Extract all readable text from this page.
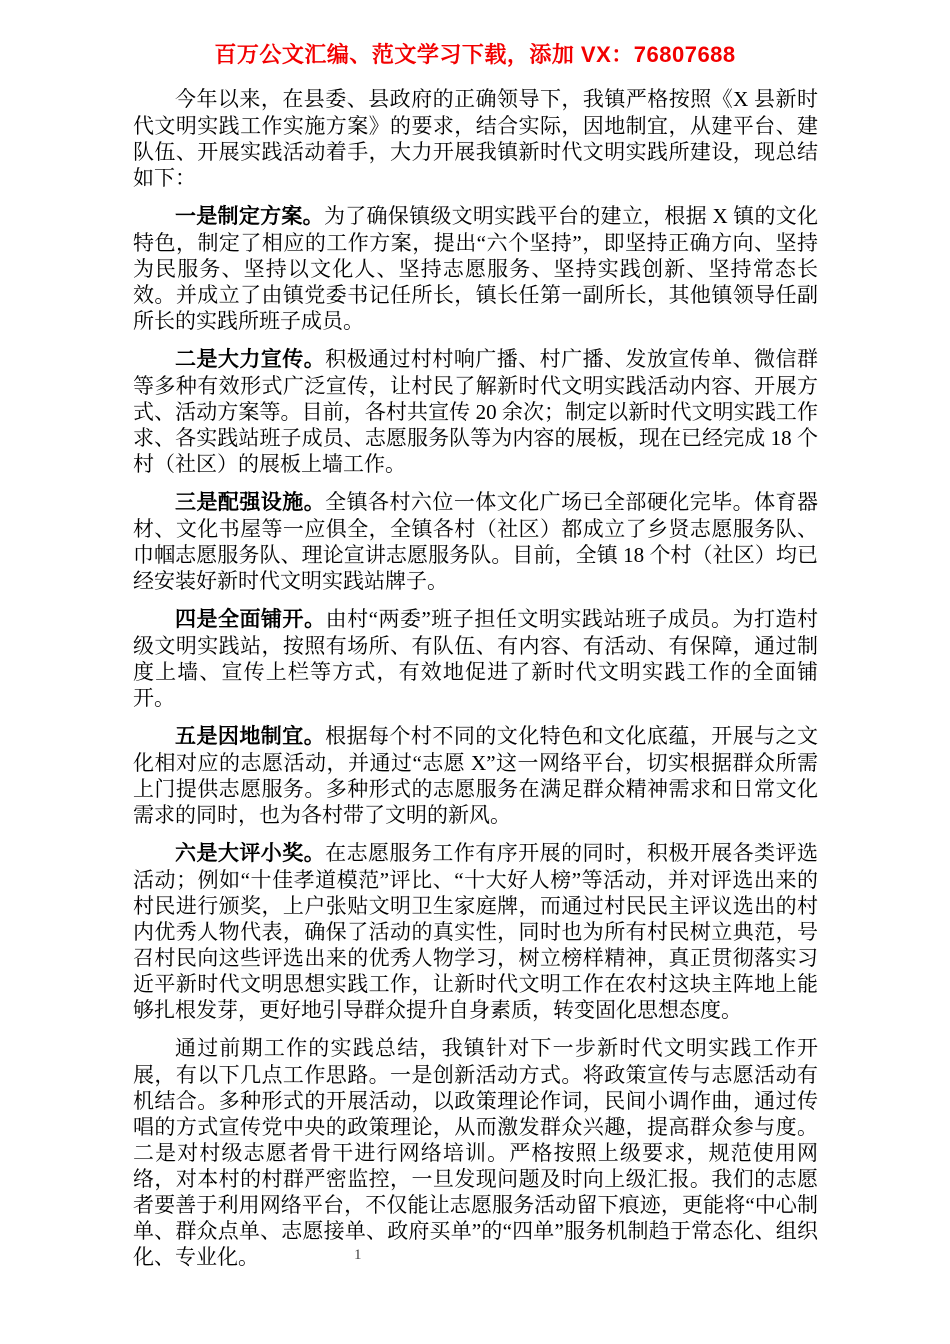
百万公文汇编、范文学习下载，添加 VX：76807688

今年以来，在县委、县政府的正确领导下，我镇严格按照《X 县新时代文明实践工作实施方案》的要求，结合实际，因地制宜，从建平台、建队伍、开展实践活动着手，大力开展我镇新时代文明实践所建设，现总结如下：

一是制定方案。为了确保镇级文明实践平台的建立，根据 X 镇的文化特色，制定了相应的工作方案，提出“六个坚持”，即坚持正确方向、坚持为民服务、坚持以文化人、坚持志愿服务、坚持实践创新、坚持常态长效。并成立了由镇党委书记任所长，镇长任第一副所长，其他镇领导任副所长的实践所班子成员。

二是大力宣传。积极通过村村响广播、村广播、发放宣传单、微信群等多种有效形式广泛宣传，让村民了解新时代文明实践活动内容、开展方式、活动方案等。目前，各村共宣传 20 余次；制定以新时代文明实践工作求、各实践站班子成员、志愿服务队等为内容的展板，现在已经完成 18 个村（社区）的展板上墙工作。

三是配强设施。全镇各村六位一体文化广场已全部硬化完毕。体育器材、文化书屋等一应俱全，全镇各村（社区）都成立了乡贤志愿服务队、巾帼志愿服务队、理论宣讲志愿服务队。目前，全镇 18 个村（社区）均已经安装好新时代文明实践站牌子。

四是全面铺开。由村“两委”班子担任文明实践站班子成员。为打造村级文明实践站，按照有场所、有队伍、有内容、有活动、有保障，通过制度上墙、宣传上栏等方式，有效地促进了新时代文明实践工作的全面铺开。

五是因地制宜。根据每个村不同的文化特色和文化底蕴，开展与之文化相对应的志愿活动，并通过“志愿 X”这一网络平台，切实根据群众所需上门提供志愿服务。多种形式的志愿服务在满足群众精神需求和日常文化需求的同时，也为各村带了文明的新风。

六是大评小奖。在志愿服务工作有序开展的同时，积极开展各类评选活动；例如“十佳孝道模范”评比、“十大好人榜”等活动，并对评选出来的村民进行颁奖，上户张贴文明卫生家庭牌，而通过村民民主评议选出的村内优秀人物代表，确保了活动的真实性，同时也为所有村民树立典范，号召村民向这些评选出来的优秀人物学习，树立榜样精神，真正贯彻落实习近平新时代文明思想实践工作，让新时代文明工作在农村这块主阵地上能够扎根发芽，更好地引导群众提升自身素质，转变固化思想态度。

通过前期工作的实践总结，我镇针对下一步新时代文明实践工作开展，有以下几点工作思路。一是创新活动方式。将政策宣传与志愿活动有机结合。多种形式的开展活动，以政策理论作词，民间小调作曲，通过传唱的方式宣传党中央的政策理论，从而激发群众兴趣，提高群众参与度。二是对村级志愿者骨干进行网络培训。严格按照上级要求，规范使用网络，对本村的村群严密监控，一旦发现问题及时向上级汇报。我们的志愿者要善于利用网络平台，不仅能让志愿服务活动留下痕迹，更能将“中心制单、群众点单、志愿接单、政府买单”的“四单”服务机制趋于常态化、组织化、专业化。	1
